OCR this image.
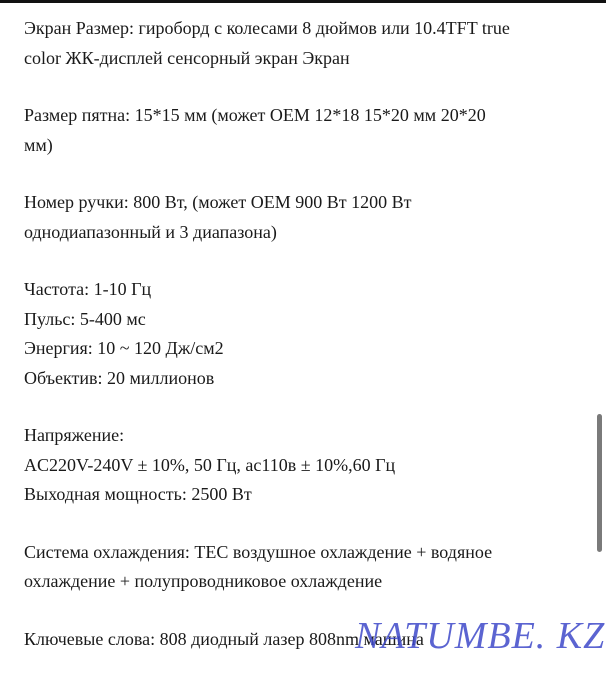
Экран Размер: гироборд с колесами 8 дюймов или 10.4TFT true
color ЖК-дисплей сенсорный экран Экран
Размер пятна: 15*15 мм (может OEM 12*18 15*20 мм 20*20
мм)
Номер ручки: 800 Вт, (может OEM 900 Вт 1200 Вт
однодиапазонный и 3 диапазона)
Частота: 1-10 Гц
Пульс: 5-400 мс
Энергия: 10 ~ 120 Дж/см2
Объектив: 20 миллионов
Напряжение:
AC220V-240V ± 10%, 50 Гц, ac110в ± 10%,60 Гц
Выходная мощность: 2500 Вт
Система охлаждения: TEC воздушное охлаждение + водяное
охлаждение + полупроводниковое охлаждение
Ключевые слова: 808 диодный лазер 808nm машина
NATUMBE. KZ
